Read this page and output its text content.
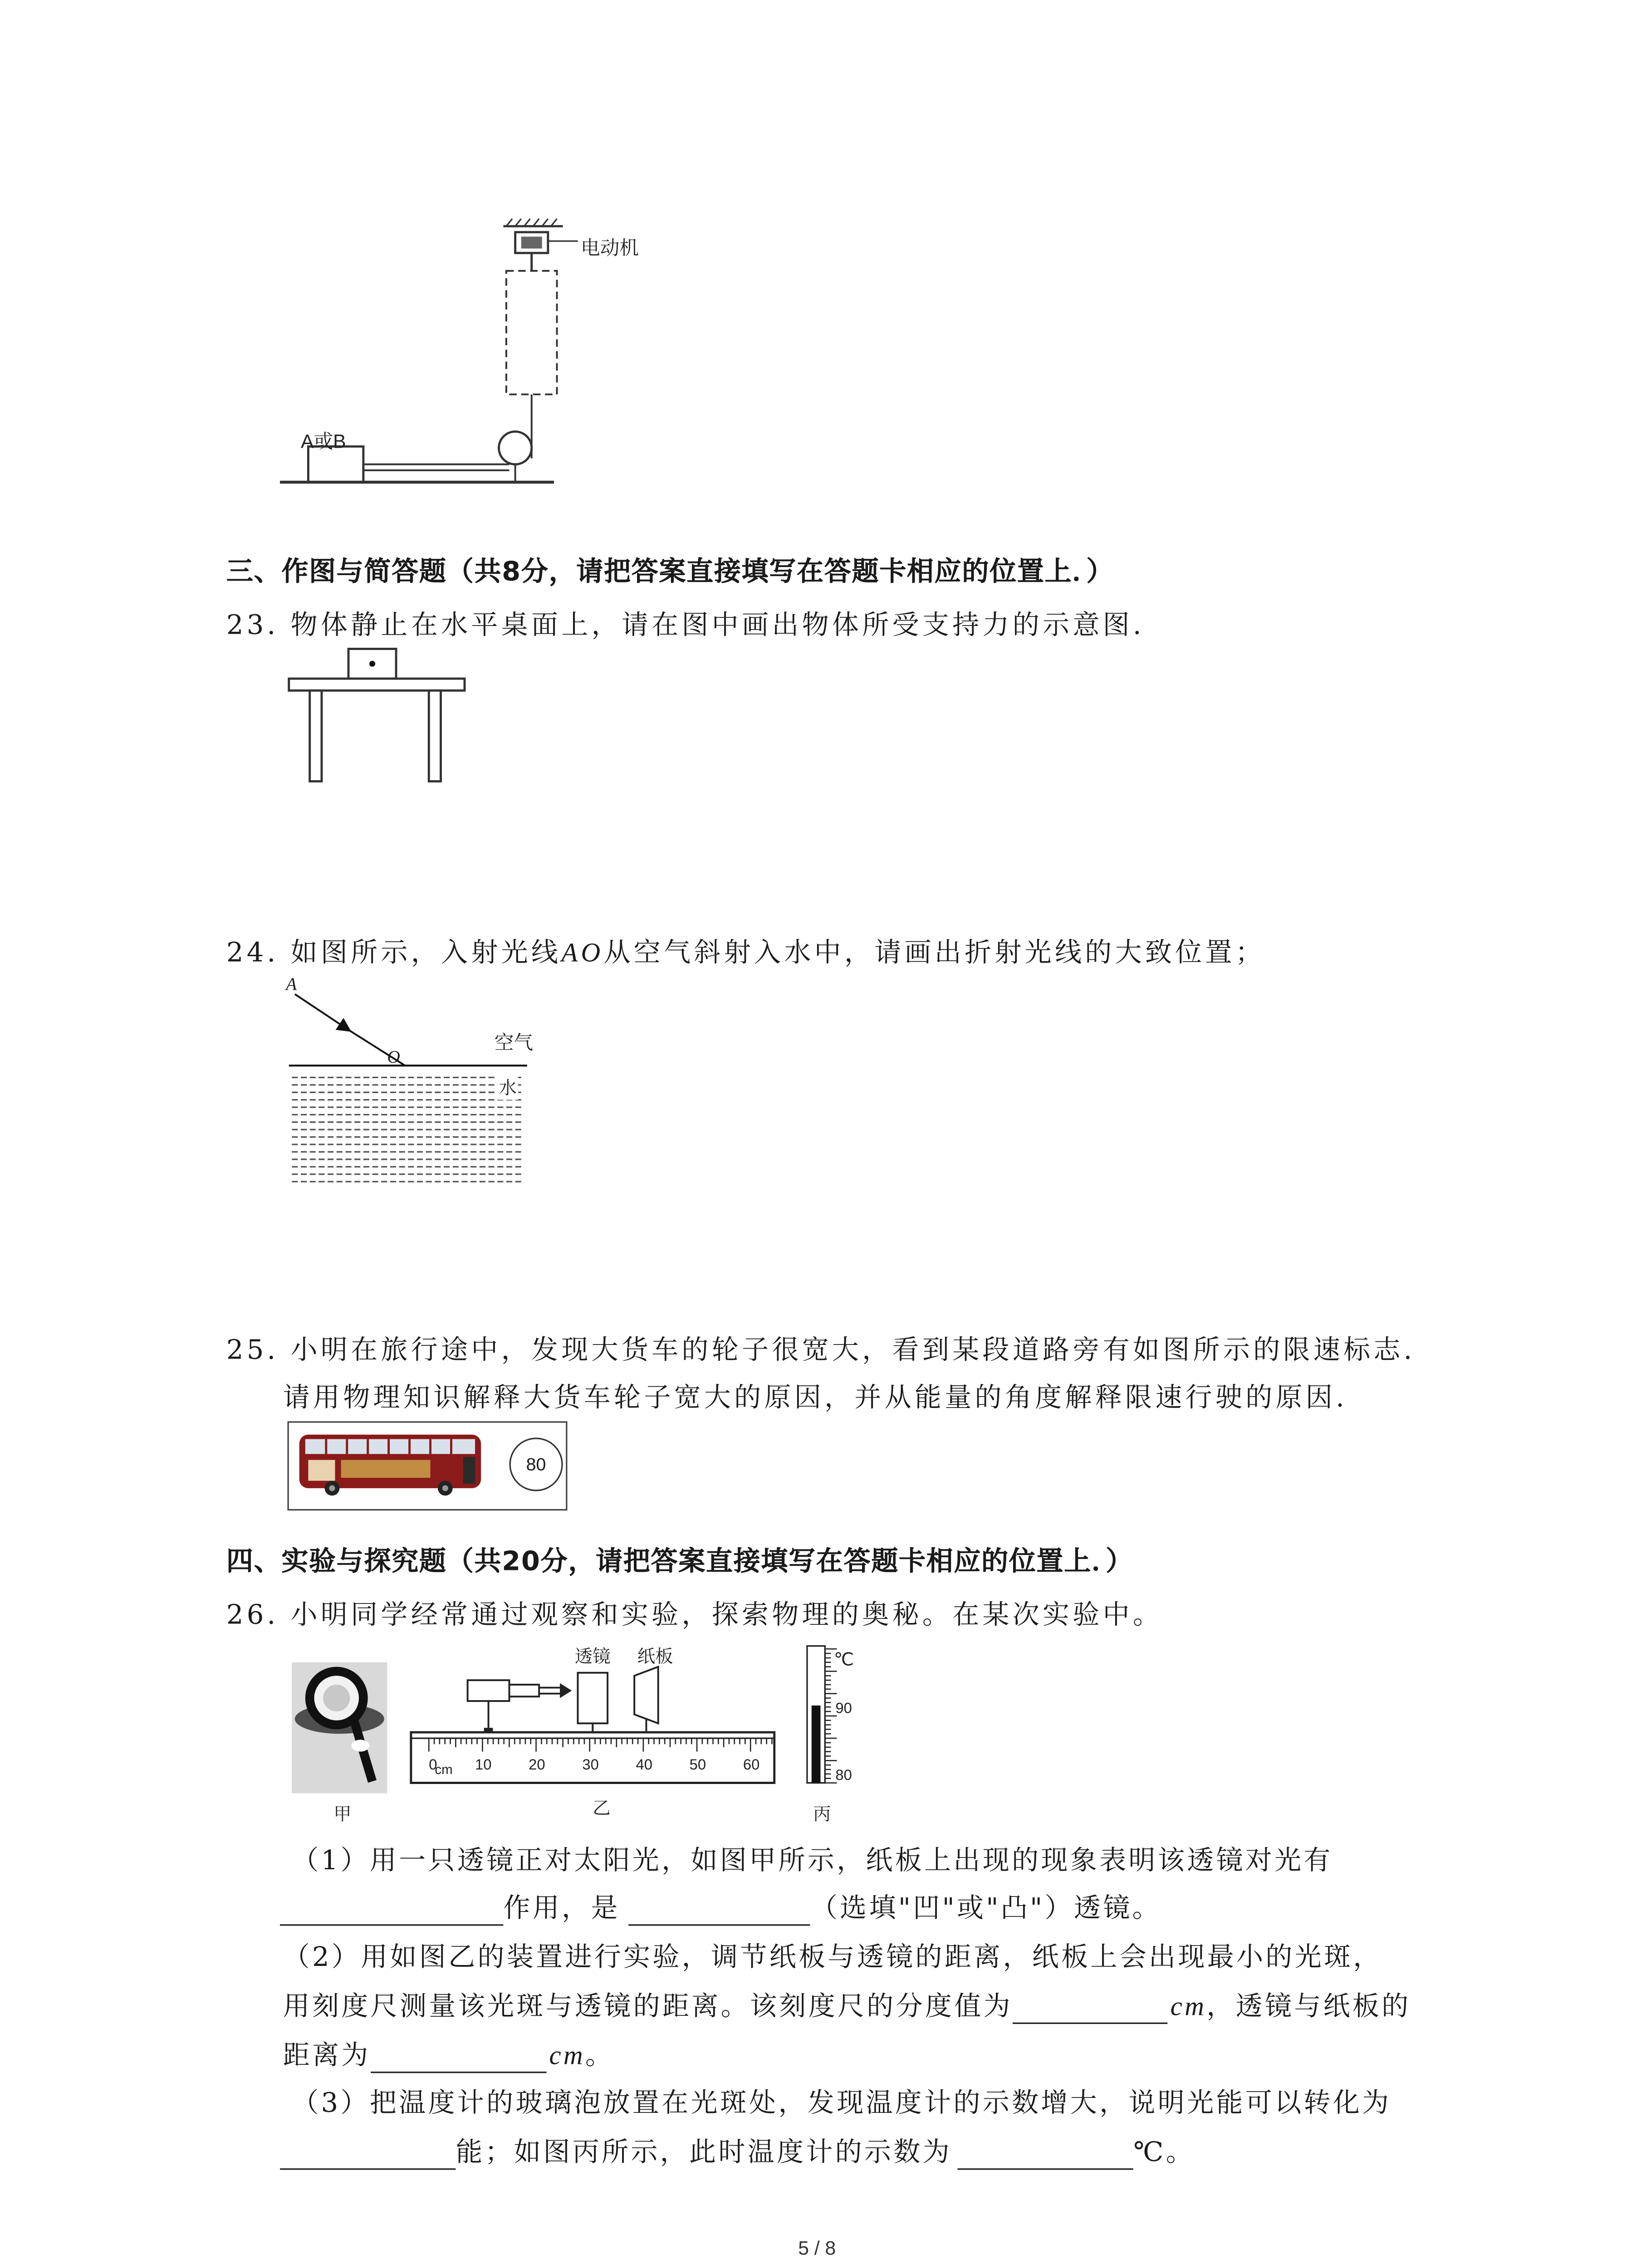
电动机
A或B
三、作图与简答题（共8分，请把答案直接填写在答题卡相应的位置上．）
23. 物体静止在水平桌面上，请在图中画出物体所受支持力的示意图.
24. 如图所示，入射光线AO从空气斜射入水中，请画出折射光线的大致位置；
A
O
空气
水
25. 小明在旅行途中，发现大货车的轮子很宽大，看到某段道路旁有如图所示的限速标志.
请用物理知识解释大货车轮子宽大的原因，并从能量的角度解释限速行驶的原因.
80
四、实验与探究题（共20分，请把答案直接填写在答题卡相应的位置上．）
26. 小明同学经常通过观察和实验，探索物理的奥秘。在某次实验中。
甲
透镜	纸板
cm
0	10	20	30	40	50	60
乙
℃
90
80
丙
（1）用一只透镜正对太阳光，如图甲所示，纸板上出现的现象表明该透镜对光有
作用，是	（选填"凹"或"凸"）透镜。
（2）用如图乙的装置进行实验，调节纸板与透镜的距离，纸板上会出现最小的光斑，
用刻度尺测量该光斑与透镜的距离。该刻度尺的分度值为	cm，透镜与纸板的
距离为	cm。
（3）把温度计的玻璃泡放置在光斑处，发现温度计的示数增大，说明光能可以转化为
能；如图丙所示，此时温度计的示数为	℃。
5 / 8
